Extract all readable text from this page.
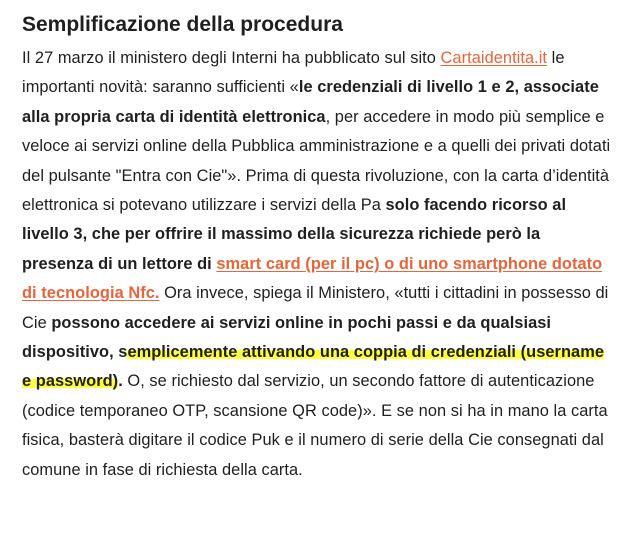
Semplificazione della procedura

Il 27 marzo il ministero degli Interni ha pubblicato sul sito Cartaidentita.it le importanti novità: saranno sufficienti «le credenziali di livello 1 e 2, associate alla propria carta di identità elettronica, per accedere in modo più semplice e veloce ai servizi online della Pubblica amministrazione e a quelli dei privati dotati del pulsante "Entra con Cie"». Prima di questa rivoluzione, con la carta d’identità elettronica si potevano utilizzare i servizi della Pa solo facendo ricorso al livello 3, che per offrire il massimo della sicurezza richiede però la presenza di un lettore di smart card (per il pc) o di uno smartphone dotato di tecnologia Nfc. Ora invece, spiega il Ministero, «tutti i cittadini in possesso di Cie possono accedere ai servizi online in pochi passi e da qualsiasi dispositivo, semplicemente attivando una coppia di credenziali (username e password). O, se richiesto dal servizio, un secondo fattore di autenticazione (codice temporaneo OTP, scansione QR code)». E se non si ha in mano la carta fisica, basterà digitare il codice Puk e il numero di serie della Cie consegnati dal comune in fase di richiesta della carta.
